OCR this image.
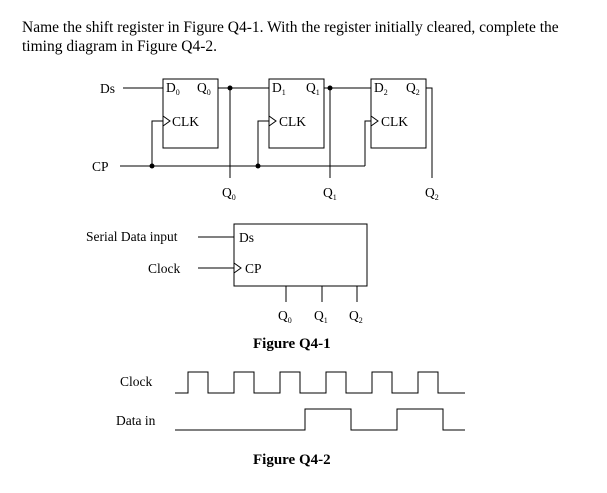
Name the shift register in Figure Q4-1. With the register initially cleared, complete the timing diagram in Figure Q4-2.

Ds
CP
$D_0$ $Q_0$
CLK
$Q_0$
$D_1$ $Q_1$
CLK
$Q_1$
$D_2$ $Q_2$
CLK
$Q_2$
Serial Data input
Clock
Ds
CP
$Q_0$ $Q_1$ $Q_2$
Figure Q4-1
Clock
Data in
Figure Q4-2
